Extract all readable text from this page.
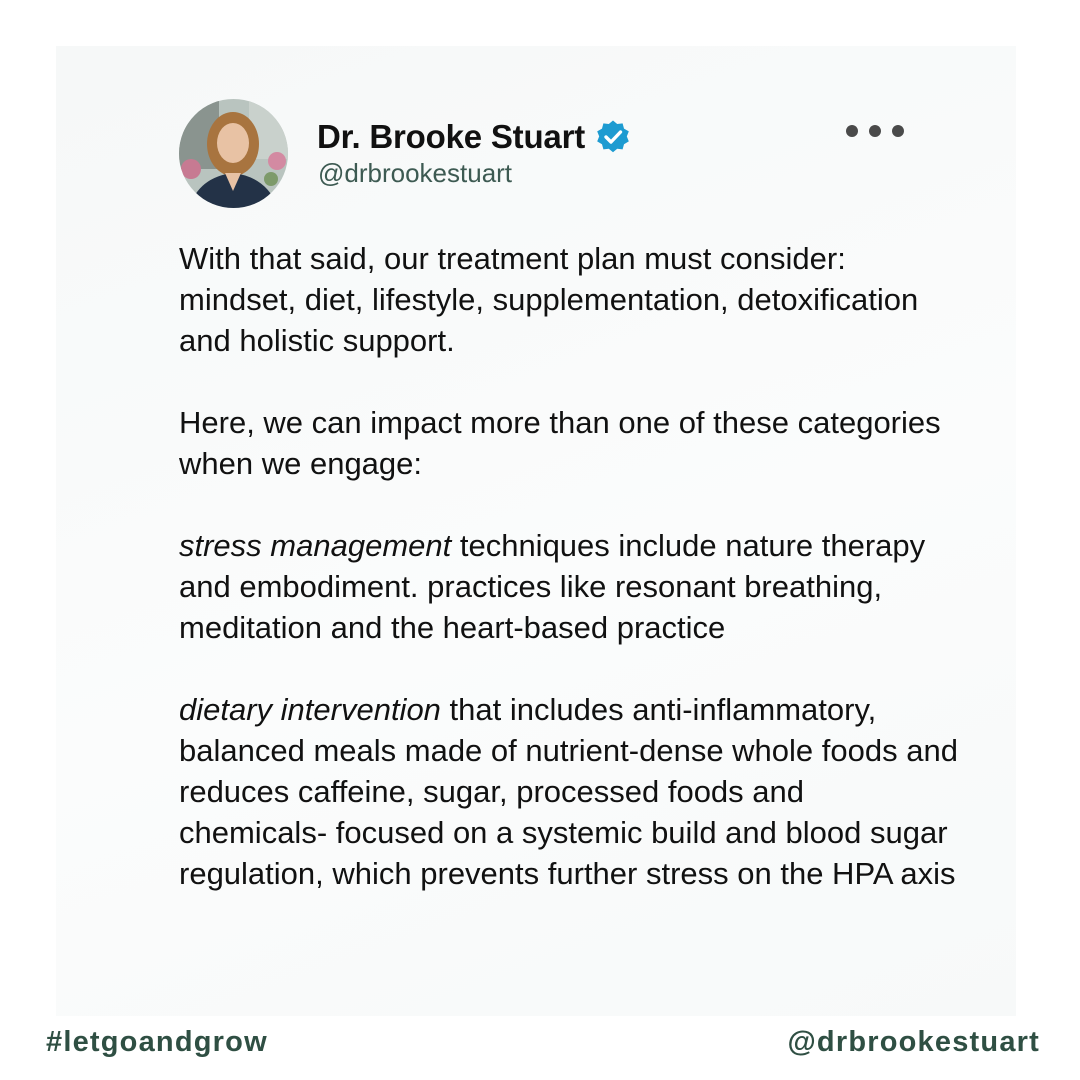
Dr. Brooke Stuart
@drbrookestuart

With that said, our treatment plan must consider: mindset, diet, lifestyle, supplementation, detoxification and holistic support.

Here, we can impact more than one of these categories when we engage:

stress management techniques include nature therapy and embodiment. practices like resonant breathing, meditation and the heart-based practice

dietary intervention that includes anti-inflammatory, balanced meals made of nutrient-dense whole foods and reduces caffeine, sugar, processed foods and chemicals- focused on a systemic build and blood sugar regulation, which prevents further stress on the HPA axis

#letgoandgrow	@drbrookestuart
